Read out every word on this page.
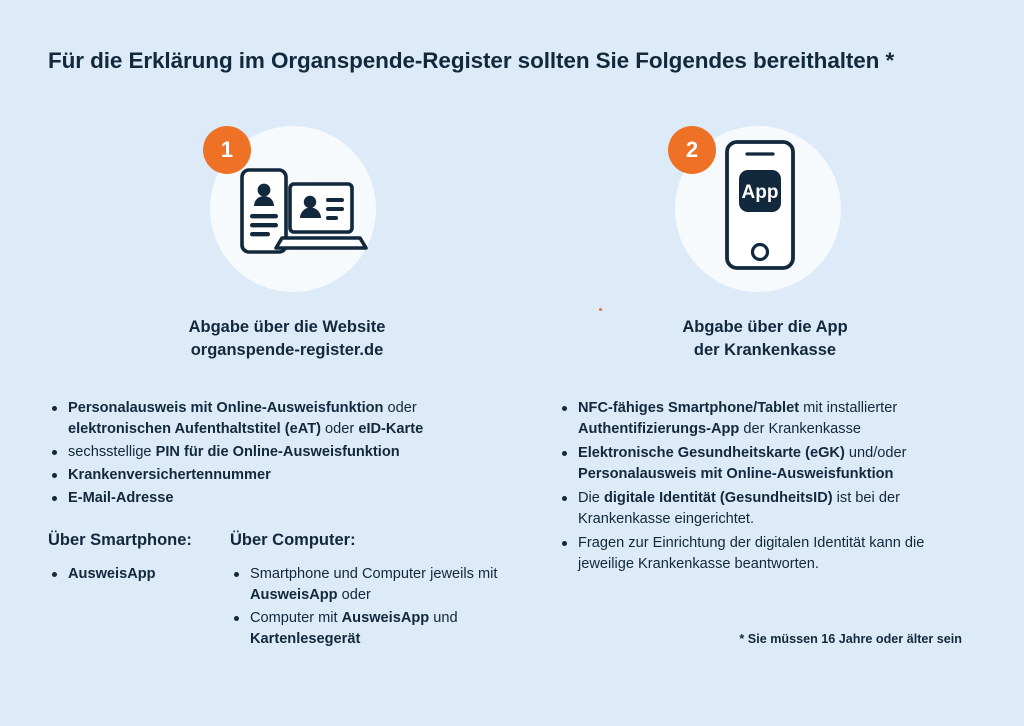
Für die Erklärung im Organspende-Register sollten Sie Folgendes bereithalten *
1
Abgabe über die Website
organspende-register.de
2
App
Abgabe über die App
der Krankenkasse
Personalausweis mit Online-Ausweisfunktion oder elektronischen Aufenthaltstitel (eAT) oder eID-Karte
sechsstellige PIN für die Online-Ausweisfunktion
Krankenversichertennummer
E-Mail-Adresse
Über Smartphone:	Über Computer:
AusweisApp	Smartphone und Computer jeweils mit AusweisApp oder
Computer mit AusweisApp und Kartenlesegerät
NFC-fähiges Smartphone/Tablet mit installierter Authentifizierungs-App der Krankenkasse
Elektronische Gesundheitskarte (eGK) und/oder Personalausweis mit Online-Ausweisfunktion
Die digitale Identität (GesundheitsID) ist bei der Krankenkasse eingerichtet.
Fragen zur Einrichtung der digitalen Identität kann die jeweilige Krankenkasse beantworten.
* Sie müssen 16 Jahre oder älter sein
